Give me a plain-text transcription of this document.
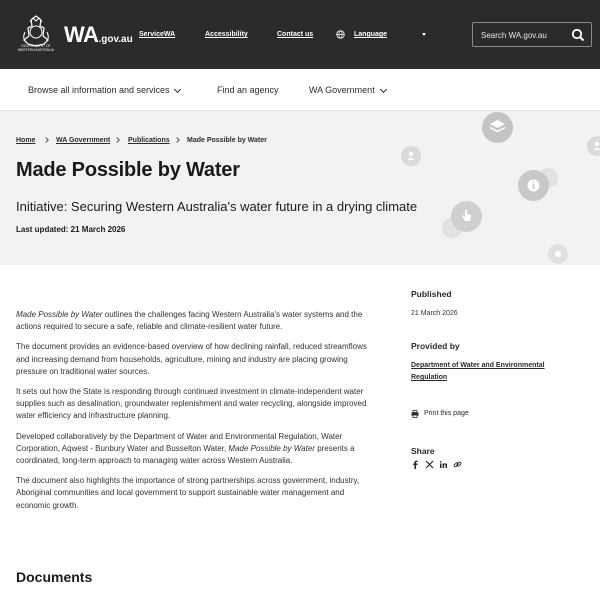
GOVERNMENT OF WESTERN AUSTRALIA
WA.gov.au ServiceWA	Accessibility	Contact us	Language
Search WA.gov.au
Browse all information and services	Find an agency	WA Government
Home	WA Government	Publications Made Possible by Water
Made Possible by Water
Initiative: Securing Western Australia's water future in a drying climate
Last updated: 21 March 2026

Made Possible by Water outlines the challenges facing Western Australia's water systems and the actions required to secure a safe, reliable and climate-resilient water future.

The document provides an evidence-based overview of how declining rainfall, reduced streamflows and increasing demand from households, agriculture, mining and industry are placing growing pressure on traditional water sources.

It sets out how the State is responding through continued investment in climate-independent water supplies such as desalination, groundwater replenishment and water recycling, alongside improved water efficiency and infrastructure planning.

Developed collaboratively by the Department of Water and Environmental Regulation, Water Corporation, Aqwest - Bunbury Water and Busselton Water, Made Possible by Water presents a coordinated, long-term approach to managing water across Western Australia.

The document also highlights the importance of strong partnerships across government, industry, Aboriginal communities and local government to support sustainable water management and economic growth.

Documents
Published
21 March 2026
Provided by
Department of Water and Environmental Regulation
Print this page
Share
